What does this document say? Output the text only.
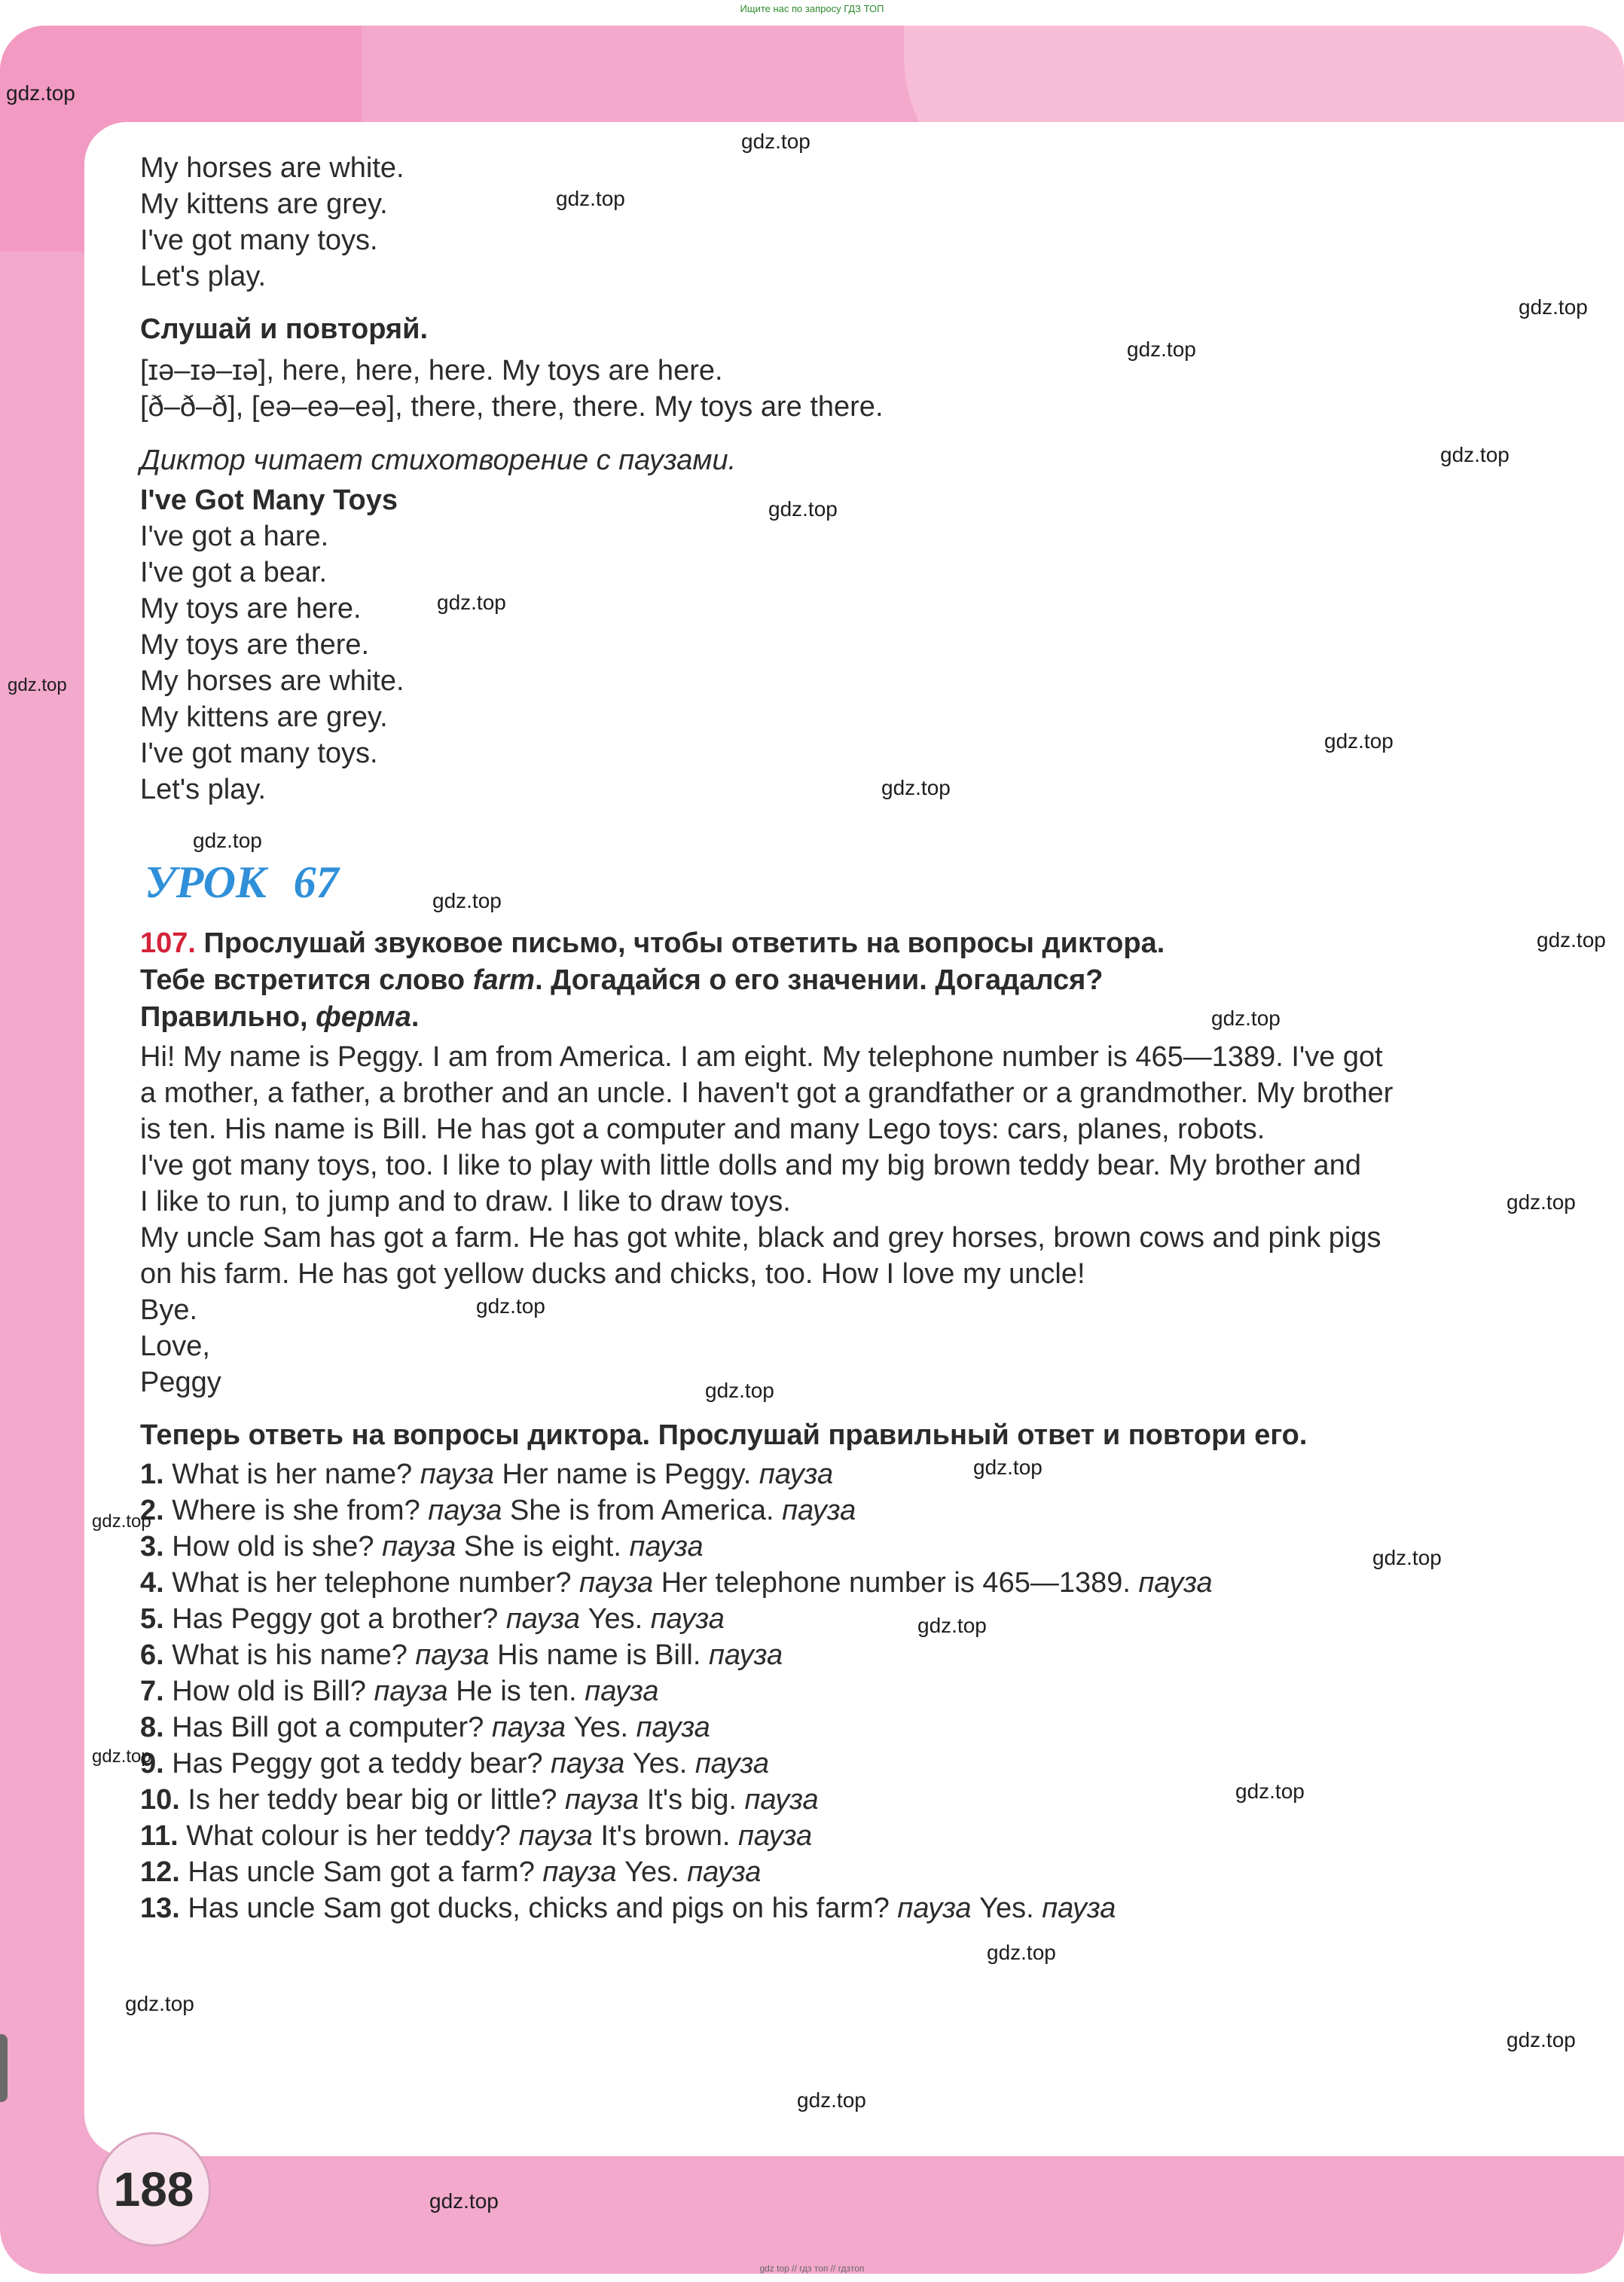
Ищите нас по запросу ГДЗ ТОП
My horses are white.
My kittens are grey.
I've got many toys.
Let's play.
Слушай и повторяй.
[ɪə–ɪə–ɪə], here, here, here. My toys are here.
[ð–ð–ð], [eə–eə–eə], there, there, there. My toys are there.
Диктор читает стихотворение с паузами.
I've Got Many Toys
I've got a hare.
I've got a bear.
My toys are here.
My toys are there.
My horses are white.
My kittens are grey.
I've got many toys.
Let's play.
107. Прослушай звуковое письмо, чтобы ответить на вопросы диктора.
Тебе встретится слово farm. Догадайся о его значении. Догадался?
Правильно, ферма.
Hi! My name is Peggy. I am from America. I am eight. My telephone number is 465—1389. I've got
a mother, a father, a brother and an uncle. I haven't got a grandfather or a grandmother. My brother
is ten. His name is Bill. He has got a computer and many Lego toys: cars, planes, robots.
I've got many toys, too. I like to play with little dolls and my big brown teddy bear. My brother and
I like to run, to jump and to draw. I like to draw toys.
My uncle Sam has got a farm. He has got white, black and grey horses, brown cows and pink pigs
on his farm. He has got yellow ducks and chicks, too. How I love my uncle!
Bye.
Love,
Peggy
Теперь ответь на вопросы диктора. Прослушай правильный ответ и повтори его.
1. What is her name? пауза Her name is Peggy. пауза
2. Where is she from? пауза She is from America. пауза
3. How old is she? пауза She is eight. пауза
4. What is her telephone number? пауза Her telephone number is 465—1389. пауза
5. Has Peggy got a brother? пауза Yes. пауза
6. What is his name? пауза His name is Bill. пауза
7. How old is Bill? пауза He is ten. пауза
8. Has Bill got a computer? пауза Yes. пауза
9. Has Peggy got a teddy bear? пауза Yes. пауза
10. Is her teddy bear big or little? пауза It's big. пауза
11. What colour is her teddy? пауза It's brown. пауза
12. Has uncle Sam got a farm? пауза Yes. пауза
13. Has uncle Sam got ducks, chicks and pigs on his farm? пауза Yes. пауза
УРОК 67
gdz.top
gdz.top
gdz.top
gdz.top
gdz.top
gdz.top
gdz.top
gdz.top
gdz.top
gdz.top
gdz.top
gdz.top
gdz.top
gdz.top
gdz.top
gdz.top
gdz.top
gdz.top
gdz.top
gdz.top
gdz.top
gdz.top
gdz.top
gdz.top
gdz.top
gdz.top
gdz.top
gdz.top
gdz.top
188
gdz top // гдз топ // гдзтоп
